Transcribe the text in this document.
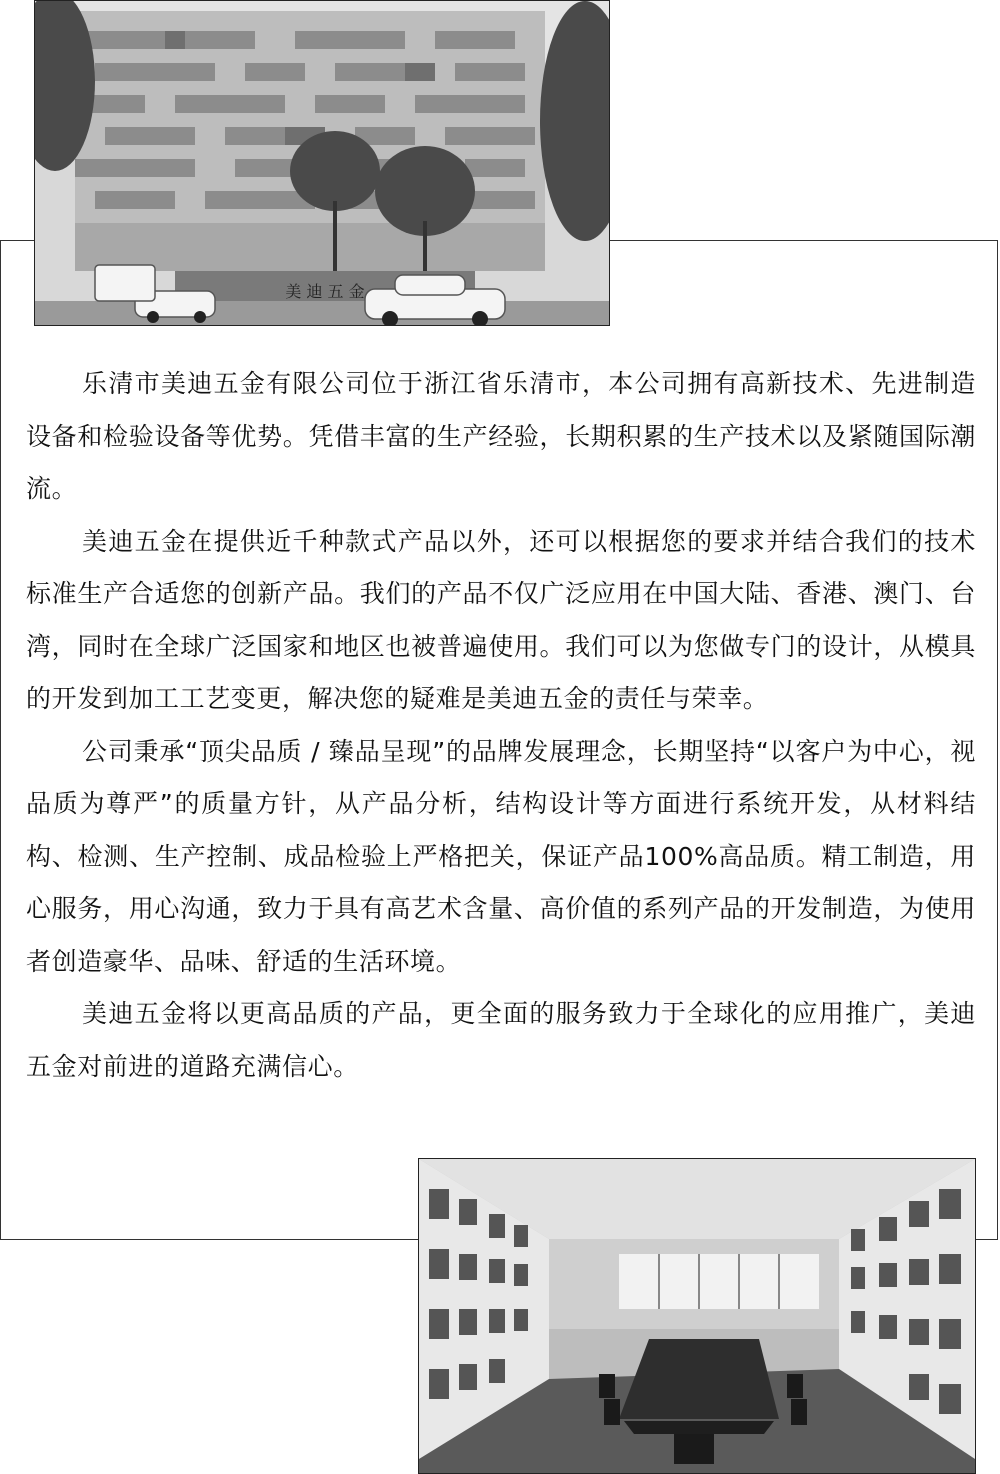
美 迪 五 金

乐清市美迪五金有限公司位于浙江省乐清市，本公司拥有高新技术、先进制造设备和检验设备等优势。凭借丰富的生产经验，长期积累的生产技术以及紧随国际潮流。

美迪五金在提供近千种款式产品以外，还可以根据您的要求并结合我们的技术标准生产合适您的创新产品。我们的产品不仅广泛应用在中国大陆、香港、澳门、台湾，同时在全球广泛国家和地区也被普遍使用。我们可以为您做专门的设计，从模具的开发到加工工艺变更，解决您的疑难是美迪五金的责任与荣幸。

公司秉承“顶尖品质 / 臻品呈现”的品牌发展理念，长期坚持“以客户为中心，视品质为尊严”的质量方针，从产品分析，结构设计等方面进行系统开发，从材料结构、检测、生产控制、成品检验上严格把关，保证产品100%高品质。精工制造，用心服务，用心沟通，致力于具有高艺术含量、高价值的系列产品的开发制造，为使用者创造豪华、品味、舒适的生活环境。

美迪五金将以更高品质的产品，更全面的服务致力于全球化的应用推广，美迪五金对前进的道路充满信心。
